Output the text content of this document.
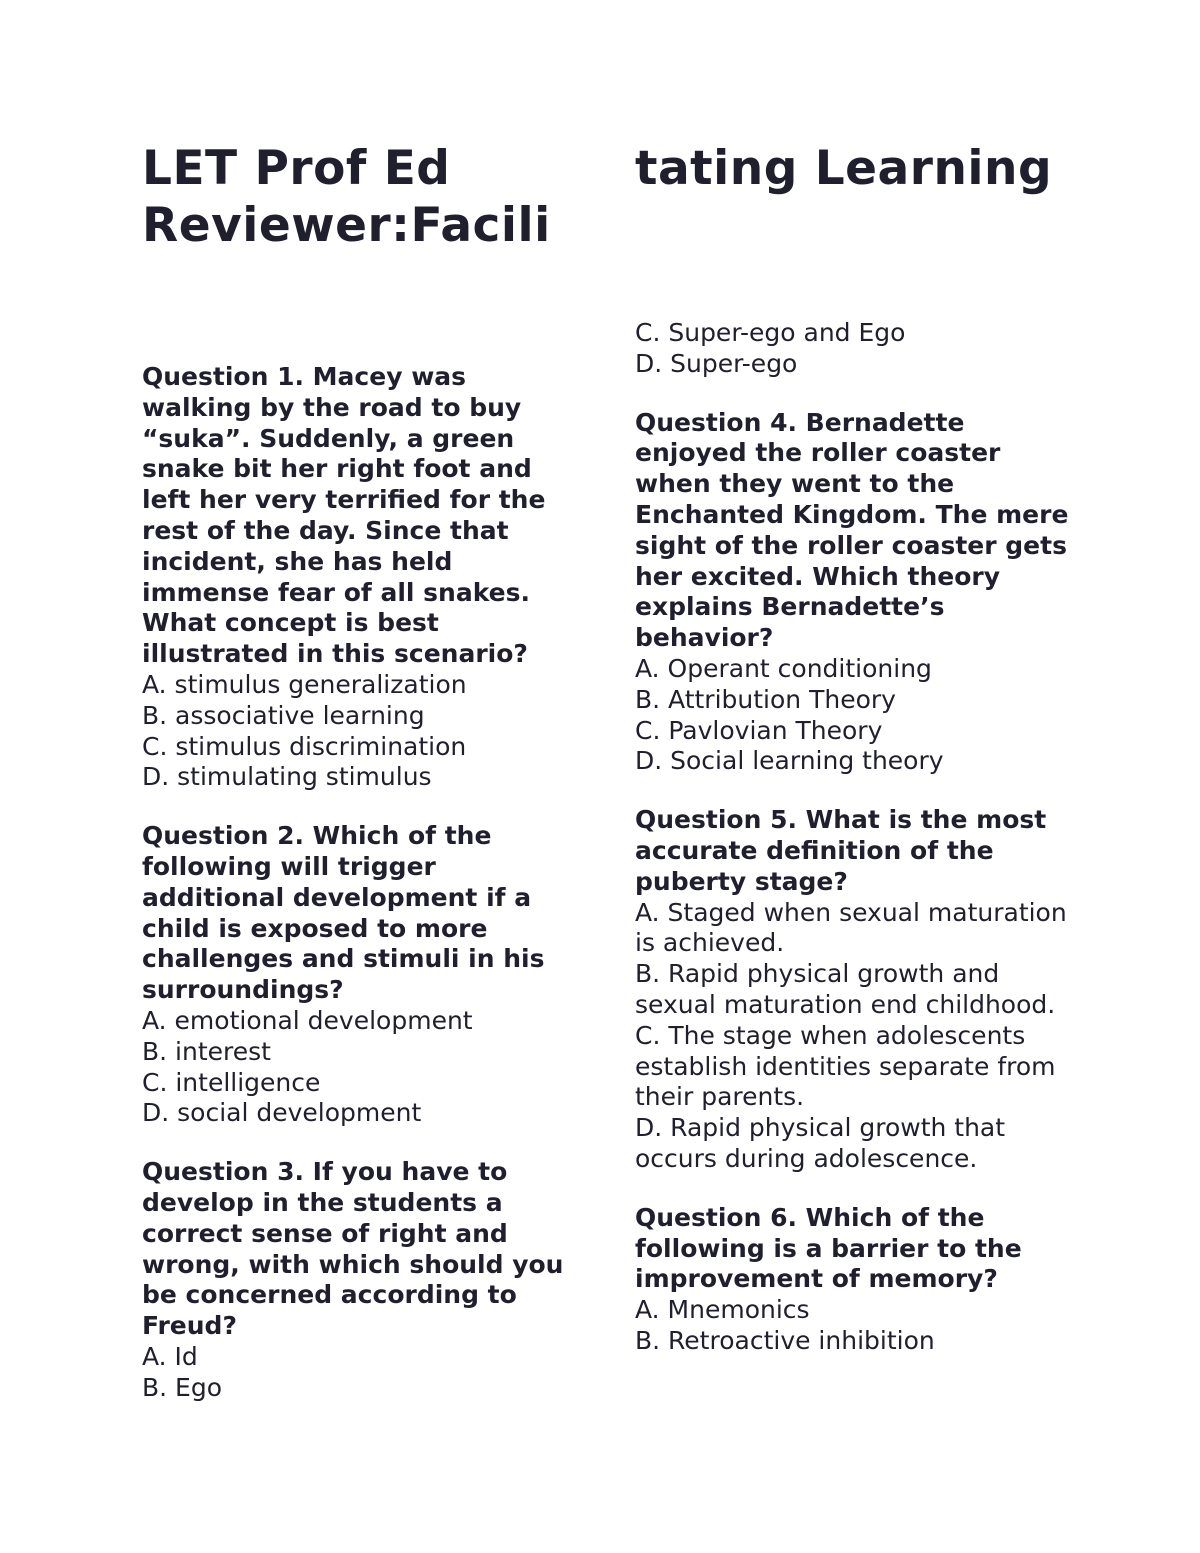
LET Prof Ed
Reviewer:Facili
tating Learning

Question 1. Macey was walking by the road to buy “suka”. Suddenly, a green snake bit her right foot and left her very terrified for the rest of the day. Since that incident, she has held immense fear of all snakes. What concept is best illustrated in this scenario?

A. stimulus generalization
B. associative learning
C. stimulus discrimination
D. stimulating stimulus

Question 2. Which of the following will trigger additional development if a child is exposed to more challenges and stimuli in his surroundings?

A. emotional development
B. interest
C. intelligence
D. social development

Question 3. If you have to develop in the students a correct sense of right and wrong, with which should you be concerned according to Freud?

A. Id
B. Ego
C. Super-ego and Ego
D. Super-ego

Question 4. Bernadette enjoyed the roller coaster when they went to the Enchanted Kingdom. The mere sight of the roller coaster gets her excited. Which theory explains Bernadette’s behavior?

A. Operant conditioning
B. Attribution Theory
C. Pavlovian Theory
D. Social learning theory

Question 5. What is the most accurate definition of the puberty stage?

A. Staged when sexual maturation is achieved.
B. Rapid physical growth and sexual maturation end childhood.
C. The stage when adolescents establish identities separate from their parents.
D. Rapid physical growth that occurs during adolescence.

Question 6. Which of the following is a barrier to the improvement of memory?

A. Mnemonics
B. Retroactive inhibition
